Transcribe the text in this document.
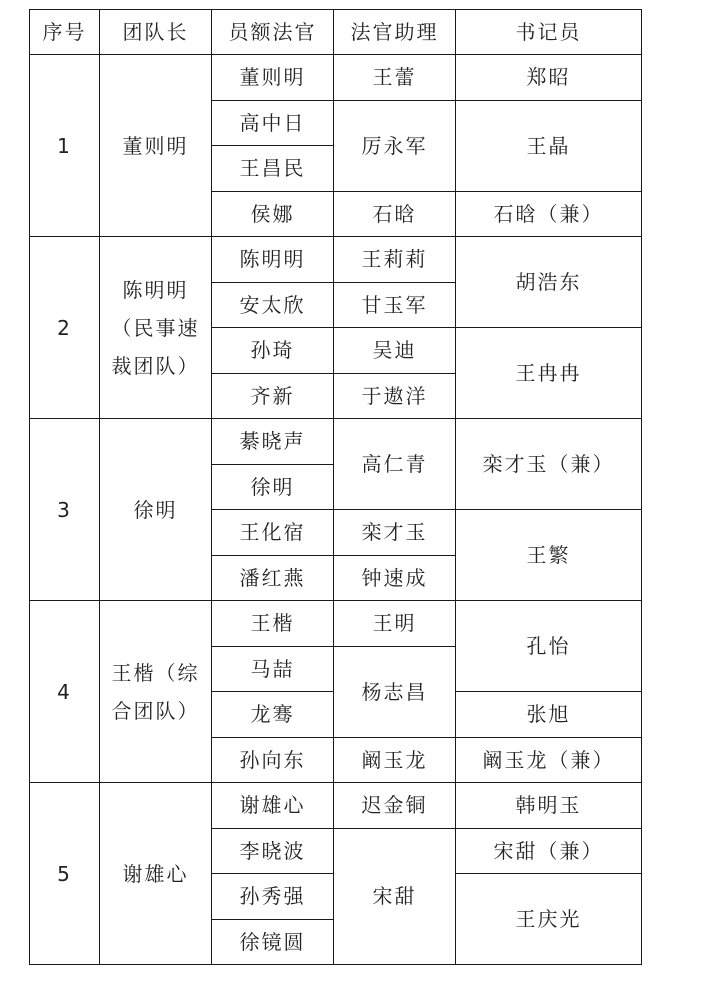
序号	团队长	员额法官	法官助理	书记员
1	董则明	董则明	王蕾	郑昭
		高中日	厉永军	王晶
		王昌民		
		侯娜	石晗	石晗（兼）
2	陈明明（民事速裁团队）	陈明明	王莉莉	胡浩东
		安太欣	甘玉军	
		孙琦	吴迪	王冉冉
		齐新	于遨洋	
3	徐明	綦晓声	高仁青	栾才玉（兼）
		徐明		
		王化宿	栾才玉	王繁
		潘红燕	钟速成	
4	王楷（综合团队）	王楷	王明	孔怡
		马喆	杨志昌	
		龙骞		张旭
		孙向东	阚玉龙	阚玉龙（兼）
5	谢雄心	谢雄心	迟金铜	韩明玉
		李晓波	宋甜	宋甜（兼）
		孙秀强		王庆光
		徐镜圆		
